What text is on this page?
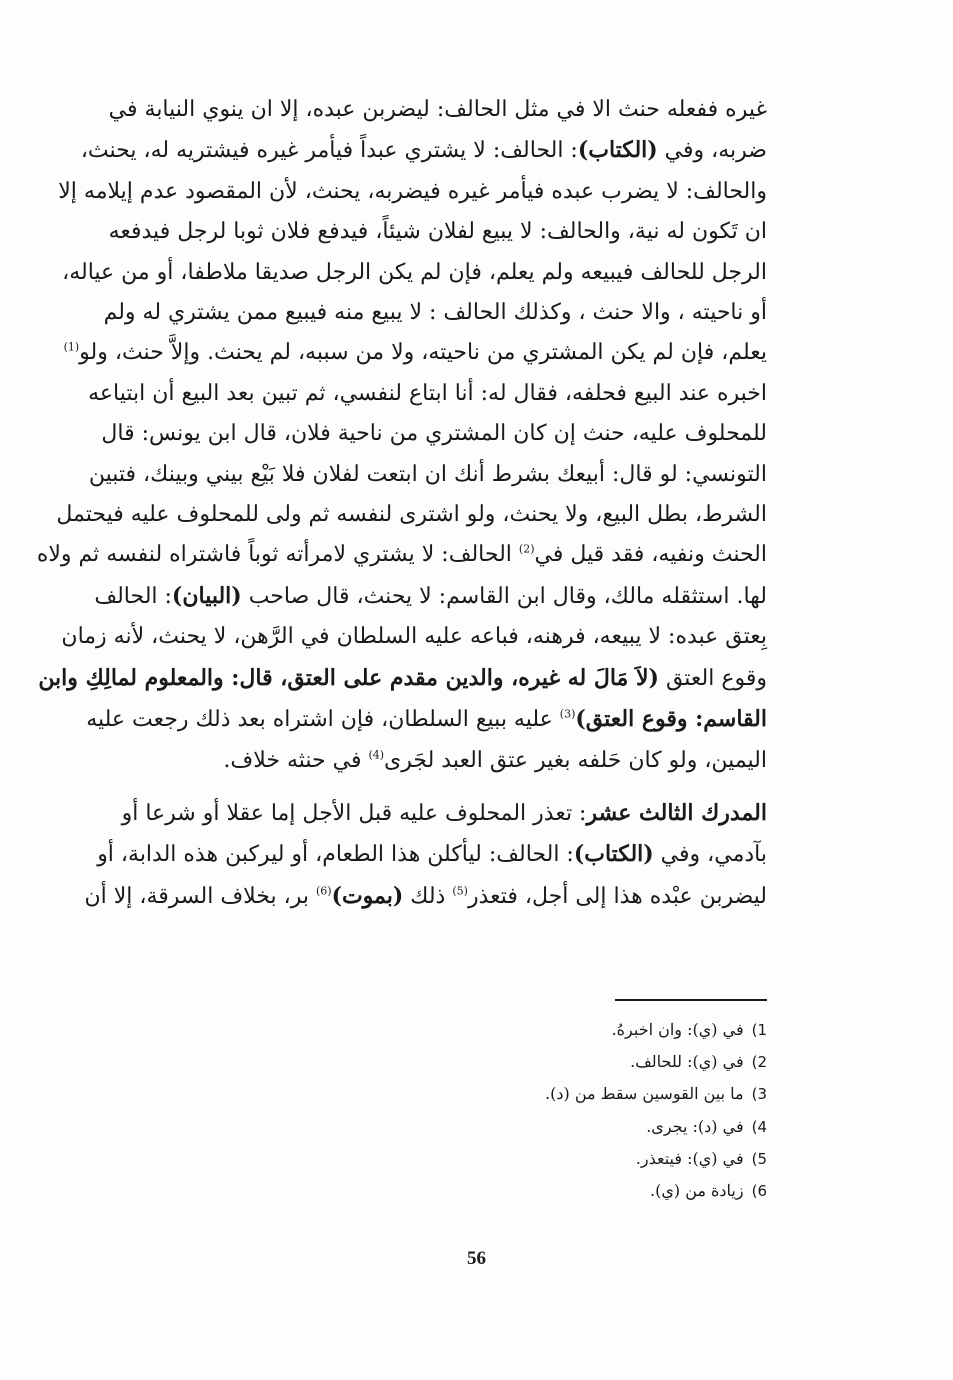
غيره ففعله حنث الا في مثل الحالف: ليضربن عبده، إلا ان ينوي النيابة في
ضربه، وفي (الكتاب): الحالف: لا يشتري عبداً فيأمر غيره فيشتريه له، يحنث،
والحالف: لا يضرب عبده فيأمر غيره فيضربه، يحنث، لأن المقصود عدم إيلامه إلا
ان تَكون له نية، والحالف: لا يبيع لفلان شيئاً، فيدفع فلان ثوبا لرجل فيدفعه
الرجل للحالف فيبيعه ولم يعلم، فإن لم يكن الرجل صديقا ملاطفا، أو من عياله،
أو ناحيته ، والا حنث ، وكذلك الحالف : لا يبيع منه فيبيع ممن يشتري له ولم
يعلم، فإن لم يكن المشتري من ناحيته، ولا من سببه، لم يحنث. وإلاَّ حنث، ولو$^{(1)}$
اخبره عند البيع فحلفه، فقال له: أنا ابتاع لنفسي، ثم تبين بعد البيع أن ابتياعه
للمحلوف عليه، حنث إن كان المشتري من ناحية فلان، قال ابن يونس: قال
التونسي: لو قال: أبيعك بشرط أنك ان ابتعت لفلان فلا بَيْع بيني وبينك، فتبين
الشرط، بطل البيع، ولا يحنث، ولو اشترى لنفسه ثم ولى للمحلوف عليه فيحتمل
الحنث ونفيه، فقد قيل في$^{(2)}$ الحالف: لا يشتري لامرأته ثوباً فاشتراه لنفسه ثم ولاه
لها. استثقله مالك، وقال ابن القاسم: لا يحنث، قال صاحب (البيان): الحالف
بِعتق عبده: لا يبيعه، فرهنه، فباعه عليه السلطان في الرَّهن، لا يحنث، لأنه زمان
وقوع العتق (لاَ مَالَ له غيره، والدين مقدم على العتق، قال: والمعلوم لمالِكِ وابن
القاسم: وقوع العتق)$^{(3)}$ عليه ببيع السلطان، فإن اشتراه بعد ذلك رجعت عليه
اليمين، ولو كان حَلفه بغير عتق العبد لجَرى$^{(4)}$ في حنثه خلاف.

المدرك الثالث عشر: تعذر المحلوف عليه قبل الأجل إما عقلا أو شرعا أو
بآدمي، وفي (الكتاب): الحالف: ليأكلن هذا الطعام، أو ليركبن هذه الدابة، أو
ليضربن عبْده هذا إلى أجل، فتعذر$^{(5)}$ ذلك (بموت)$^{(6)}$ بر، بخلاف السرقة، إلا أن

1)في (ي): وان اخبرهُ.
2)في (ي): للحالف.
3)ما بين القوسين سقط من (د).
4)في (د): يجرى.
5)في (ي): فيتعذر.
6)زيادة من (ي).
56
